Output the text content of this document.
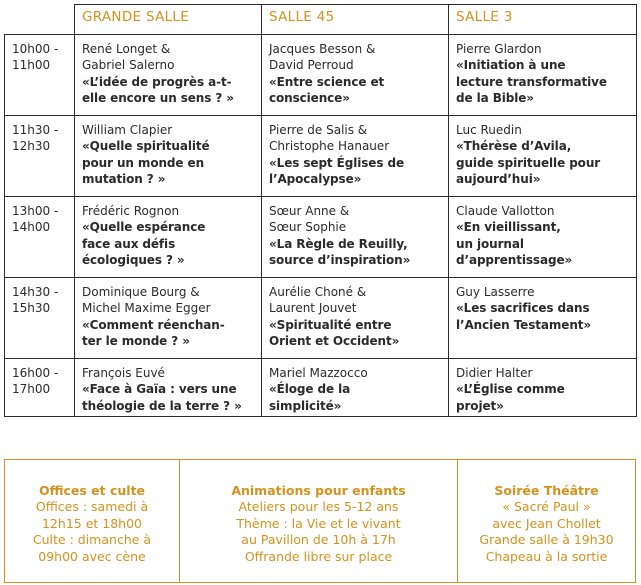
	GRANDE SALLE	SALLE 45	SALLE 3
10h00 -
11h00	René Longet &
Gabriel Salerno
«L’idée de progrès a-t-
elle encore un sens ? »	Jacques Besson &
David Perroud
«Entre science et
conscience»	Pierre Glardon
«Initiation à une
lecture transformative
de la Bible»

11h30 -
12h30	William Clapier
«Quelle spiritualité
pour un monde en
mutation ? »	Pierre de Salis &
Christophe Hanauer
«Les sept Églises de
l’Apocalypse»	Luc Ruedin
«Thérèse d’Avila,
guide spirituelle pour
aujourd’hui»

13h00 -
14h00	Frédéric Rognon
«Quelle espérance
face aux défis
écologiques ? »	Sœur Anne &
Sœur Sophie
«La Règle de Reuilly,
source d’inspiration»	Claude Vallotton
«En vieillissant,
un journal
d’apprentissage»

14h30 -
15h30	Dominique Bourg &
Michel Maxime Egger
«Comment réenchan-
ter le monde ? »	Aurélie Choné &
Laurent Jouvet
«Spiritualité entre
Orient et Occident»	Guy Lasserre
«Les sacrifices dans
l’Ancien Testament»

16h00 -
17h00	François Euvé
«Face à Gaïa : vers une
théologie de la terre ? »	Mariel Mazzocco
«Éloge de la
simplicité»	Didier Halter
«L’Église comme
projet»
Offices et culte
Offices : samedi à
12h15 et 18h00
Culte : dimanche à
09h00 avec cène
Animations pour enfants
Ateliers pour les 5-12 ans
Thème : la Vie et le vivant
au Pavillon de 10h à 17h
Offrande libre sur place
Soirée Théâtre
« Sacré Paul »
avec Jean Chollet
Grande salle à 19h30
Chapeau à la sortie
